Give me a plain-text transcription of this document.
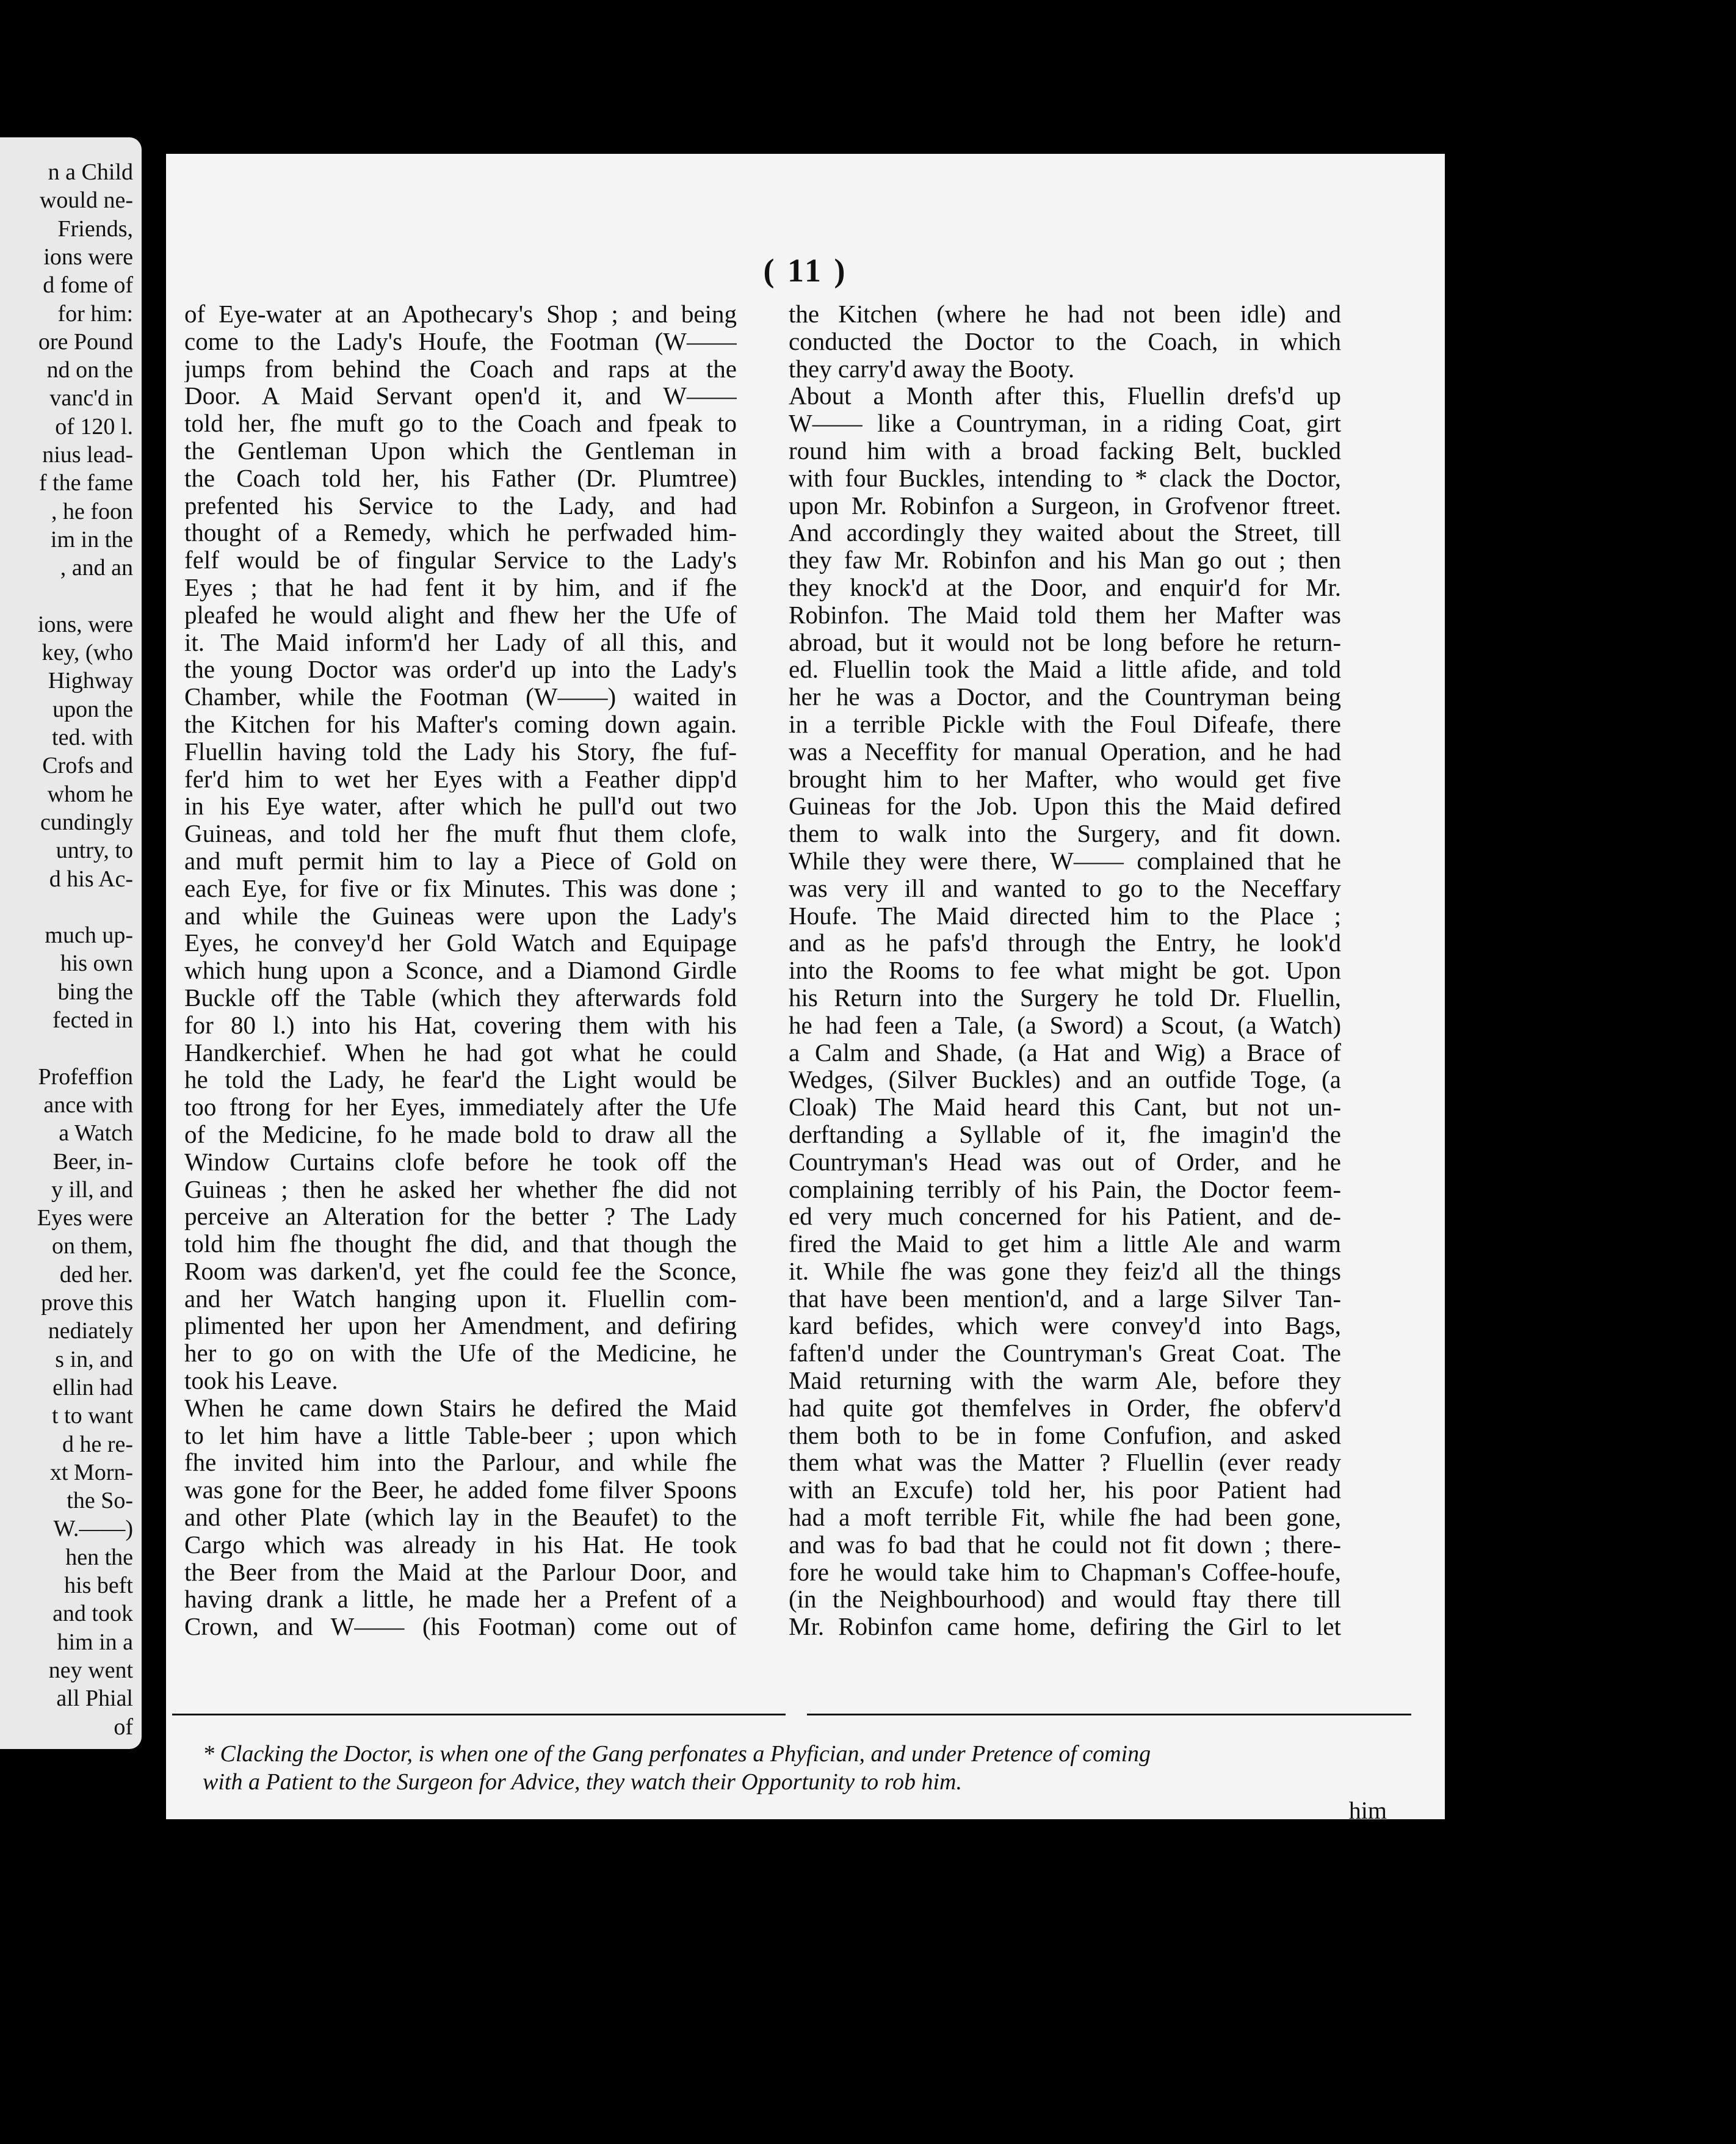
n a Child
would ne-
Friends,
ions were
d fome of
for him:
ore Pound
nd on the
vanc'd in
of 120 l.
nius lead-
f the fame
, he foon
im in the
, and an
ions, were
key, (who
Highway
upon the
ted. with
Crofs and
whom he
cundingly
untry, to
d his Ac-
much up-
his own
bing the
fected in
Profeffion
ance with
a Watch
Beer, in-
y ill, and
Eyes were
on them,
ded her.
prove this
nediately
s in, and
ellin had
t to want
d he re-
xt Morn-
the So-
W.——)
hen the
his beft
and took
him in a
ney went
all Phial
of
( 11 )
of Eye-water at an Apothecary's Shop ; and being
come to the Lady's Houfe, the Footman (W——
jumps from behind the Coach and raps at the
Door. A Maid Servant open'd it, and W——
told her, fhe muft go to the Coach and fpeak to
the Gentleman Upon which the Gentleman in
the Coach told her, his Father (Dr. Plumtree)
prefented his Service to the Lady, and had
thought of a Remedy, which he perfwaded him-
felf would be of fingular Service to the Lady's
Eyes ; that he had fent it by him, and if fhe
pleafed he would alight and fhew her the Ufe of
it. The Maid inform'd her Lady of all this, and
the young Doctor was order'd up into the Lady's
Chamber, while the Footman (W——) waited in
the Kitchen for his Mafter's coming down again.
Fluellin having told the Lady his Story, fhe fuf-
fer'd him to wet her Eyes with a Feather dipp'd
in his Eye water, after which he pull'd out two
Guineas, and told her fhe muft fhut them clofe,
and muft permit him to lay a Piece of Gold on
each Eye, for five or fix Minutes. This was done ;
and while the Guineas were upon the Lady's
Eyes, he convey'd her Gold Watch and Equipage
which hung upon a Sconce, and a Diamond Girdle
Buckle off the Table (which they afterwards fold
for 80 l.) into his Hat, covering them with his
Handkerchief. When he had got what he could
he told the Lady, he fear'd the Light would be
too ftrong for her Eyes, immediately after the Ufe
of the Medicine, fo he made bold to draw all the
Window Curtains clofe before he took off the
Guineas ; then he asked her whether fhe did not
perceive an Alteration for the better ? The Lady
told him fhe thought fhe did, and that though the
Room was darken'd, yet fhe could fee the Sconce,
and her Watch hanging upon it. Fluellin com-
plimented her upon her Amendment, and defiring
her to go on with the Ufe of the Medicine, he
took his Leave.
When he came down Stairs he defired the Maid
to let him have a little Table-beer ; upon which
fhe invited him into the Parlour, and while fhe
was gone for the Beer, he added fome filver Spoons
and other Plate (which lay in the Beaufet) to the
Cargo which was already in his Hat. He took
the Beer from the Maid at the Parlour Door, and
having drank a little, he made her a Prefent of a
Crown, and W—— (his Footman) come out of
the Kitchen (where he had not been idle) and
conducted the Doctor to the Coach, in which
they carry'd away the Booty.
About a Month after this, Fluellin drefs'd up
W—— like a Countryman, in a riding Coat, girt
round him with a broad facking Belt, buckled
with four Buckles, intending to * clack the Doctor,
upon Mr. Robinfon a Surgeon, in Grofvenor ftreet.
And accordingly they waited about the Street, till
they faw Mr. Robinfon and his Man go out ; then
they knock'd at the Door, and enquir'd for Mr.
Robinfon. The Maid told them her Mafter was
abroad, but it would not be long before he return-
ed. Fluellin took the Maid a little afide, and told
her he was a Doctor, and the Countryman being
in a terrible Pickle with the Foul Difeafe, there
was a Neceffity for manual Operation, and he had
brought him to her Mafter, who would get five
Guineas for the Job. Upon this the Maid defired
them to walk into the Surgery, and fit down.
While they were there, W—— complained that he
was very ill and wanted to go to the Neceffary
Houfe. The Maid directed him to the Place ;
and as he pafs'd through the Entry, he look'd
into the Rooms to fee what might be got. Upon
his Return into the Surgery he told Dr. Fluellin,
he had feen a Tale, (a Sword) a Scout, (a Watch)
a Calm and Shade, (a Hat and Wig) a Brace of
Wedges, (Silver Buckles) and an outfide Toge, (a
Cloak) The Maid heard this Cant, but not un-
derftanding a Syllable of it, fhe imagin'd the
Countryman's Head was out of Order, and he
complaining terribly of his Pain, the Doctor feem-
ed very much concerned for his Patient, and de-
fired the Maid to get him a little Ale and warm
it. While fhe was gone they feiz'd all the things
that have been mention'd, and a large Silver Tan-
kard befides, which were convey'd into Bags,
faften'd under the Countryman's Great Coat. The
Maid returning with the warm Ale, before they
had quite got themfelves in Order, fhe obferv'd
them both to be in fome Confufion, and asked
them what was the Matter ? Fluellin (ever ready
with an Excufe) told her, his poor Patient had
had a moft terrible Fit, while fhe had been gone,
and was fo bad that he could not fit down ; there-
fore he would take him to Chapman's Coffee-houfe,
(in the Neighbourhood) and would ftay there till
Mr. Robinfon came home, defiring the Girl to let
* Clacking the Doctor, is when one of the Gang perfonates a Phyfician, and under Pretence of coming
with a Patient to the Surgeon for Advice, they watch their Opportunity to rob him.
him
